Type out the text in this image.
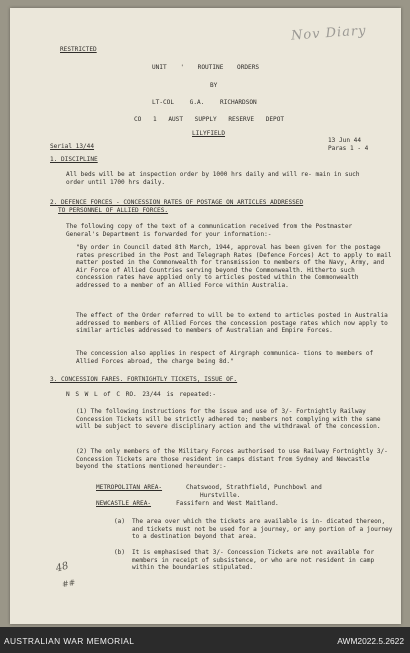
RESTRICTED
Nov Diary
UNIT ' ROUTINE ORDERS
BY
LT-COL G.A. RICHARDSON
CO 1 AUST SUPPLY RESERVE DEPOT
LILYFIELD
Serial 13/44
13 Jun 44
Paras 1 - 4
1. DISCIPLINE
All beds will be at inspection order by 1000 hrs daily and will re- main in such order until 1700 hrs daily.
2. DEFENCE FORCES - CONCESSION RATES OF POSTAGE ON ARTICLES ADDRESSED
TO PERSONNEL OF ALLIED FORCES.
The following copy of the text of a communication received from the Postmaster General's Department is forwarded for your information:-
"By order in Council dated 8th March, 1944, approval has been given for the postage rates prescribed in the Post and Telegraph Rates (Defence Forces) Act to apply to mail matter posted in the Commonwealth for transmission to members of the Navy, Army, and Air Force of Allied Countries serving beyond the Commonwealth. Hitherto such concession rates have applied only to articles posted within the Commonwealth addressed to a member of an Allied Force within Australia.
The effect of the Order referred to will be to extend to articles posted in Australia addressed to members of Allied Forces the concession postage rates which now apply to similar articles addressed to members of Australian and Empire Forces.
The concession also applies in respect of Airgraph communica- tions to members of Allied Forces abroad, the charge being 8d."
3. CONCESSION FARES. FORTNIGHTLY TICKETS, ISSUE OF.
N S W L of C RO. 23/44 is repeated:-
(1) The following instructions for the issue and use of 3/- Fortnightly Railway Concession Tickets will be strictly adhered to; members not complying with the same will be subject to severe disciplinary action and the withdrawal of the concession.
(2) The only members of the Military Forces authorised to use Railway Fortnightly 3/- Concession Tickets are those resident in camps distant from Sydney and Newcastle beyond the stations mentioned hereunder:-
METROPOLITAN AREA-	Chatswood, Strathfield, Punchbowl and
Hurstville.
NEWCASTLE AREA-	Fassifern and West Maitland.
(a) The area over which the tickets are available is in- dicated thereon, and tickets must not be used for a journey, or any portion of a journey to a destination beyond that area.
(b) It is emphasised that 3/- Concession Tickets are not available for members in receipt of subsistence, or who are not resident in camp within the boundaries stipulated.
48
##
AUSTRALIAN WAR MEMORIAL	AWM2022.5.2622
